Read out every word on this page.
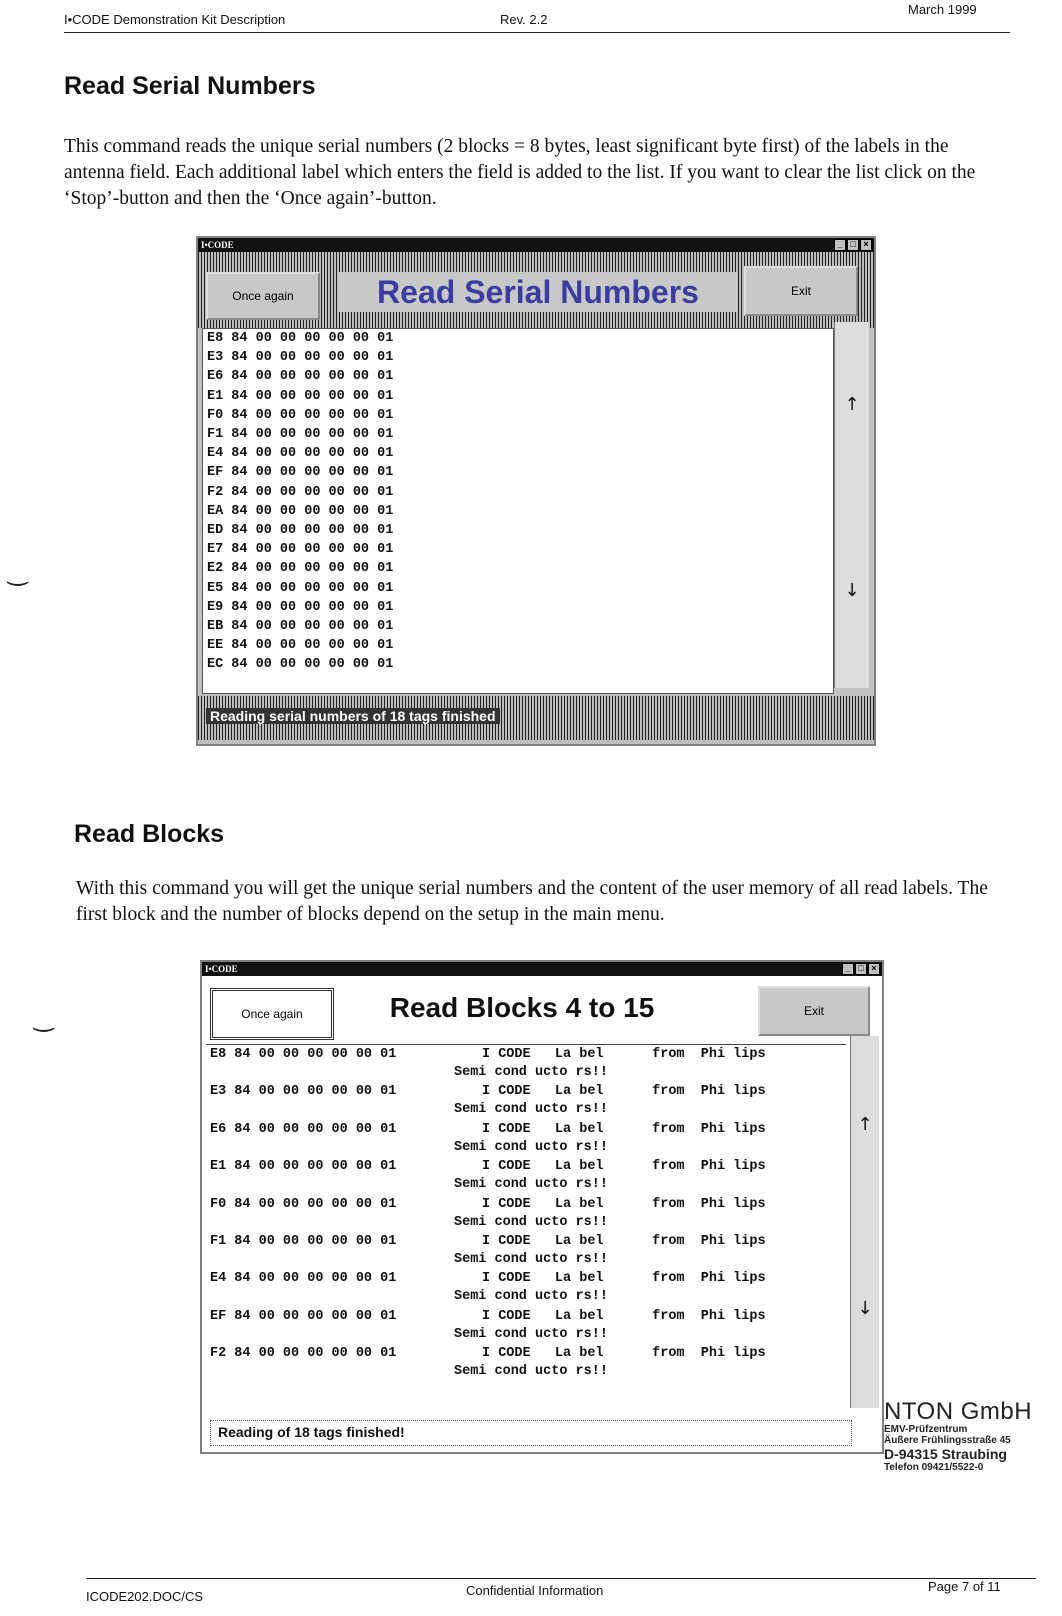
I•CODE Demonstration Kit Description	Rev. 2.2
March 1999
Read Serial Numbers
This command reads the unique serial numbers (2 blocks = 8 bytes, least significant byte first) of the labels in the antenna field. Each additional label which enters the field is added to the list. If you want to clear the list click on the ‘Stop’-button and then the ‘Once again’-button.
I•CODE	_ □ ×
Once again	Read Serial Numbers	Exit
E8 84 00 00 00 00 00 01
E3 84 00 00 00 00 00 01
E6 84 00 00 00 00 00 01
E1 84 00 00 00 00 00 01
F0 84 00 00 00 00 00 01
F1 84 00 00 00 00 00 01
E4 84 00 00 00 00 00 01
EF 84 00 00 00 00 00 01
F2 84 00 00 00 00 00 01
EA 84 00 00 00 00 00 01
ED 84 00 00 00 00 00 01
E7 84 00 00 00 00 00 01
E2 84 00 00 00 00 00 01
E5 84 00 00 00 00 00 01
E9 84 00 00 00 00 00 01
EB 84 00 00 00 00 00 01
EE 84 00 00 00 00 00 01
EC 84 00 00 00 00 00 01
↑
↓
Reading serial numbers of 18 tags finished
‿
‿
Read Blocks
With this command you will get the unique serial numbers and the content of the user memory of all read labels. The first block and the number of blocks depend on the setup in the main menu.
I•CODE	_ □ ×
Once again	Read Blocks 4 to 15	Exit
E8 84 00 00 00 00 00 01	I CODE   La bel      from  Phi lips
Semi cond ucto rs!!
E3 84 00 00 00 00 00 01	I CODE   La bel      from  Phi lips
Semi cond ucto rs!!
E6 84 00 00 00 00 00 01	I CODE   La bel      from  Phi lips
Semi cond ucto rs!!
E1 84 00 00 00 00 00 01	I CODE   La bel      from  Phi lips
Semi cond ucto rs!!
F0 84 00 00 00 00 00 01	I CODE   La bel      from  Phi lips
Semi cond ucto rs!!
F1 84 00 00 00 00 00 01	I CODE   La bel      from  Phi lips
Semi cond ucto rs!!
E4 84 00 00 00 00 00 01	I CODE   La bel      from  Phi lips
Semi cond ucto rs!!
EF 84 00 00 00 00 00 01	I CODE   La bel      from  Phi lips
Semi cond ucto rs!!
F2 84 00 00 00 00 00 01	I CODE   La bel      from  Phi lips
Semi cond ucto rs!!
↑
↓
Reading of 18 tags finished!
NTON GmbH
EMV-Prüfzentrum
Äußere Frühlingsstraße 45
D-94315 Straubing
Telefon 09421/5522-0
ICODE202.DOC/CS	Confidential Information	Page 7 of 11
